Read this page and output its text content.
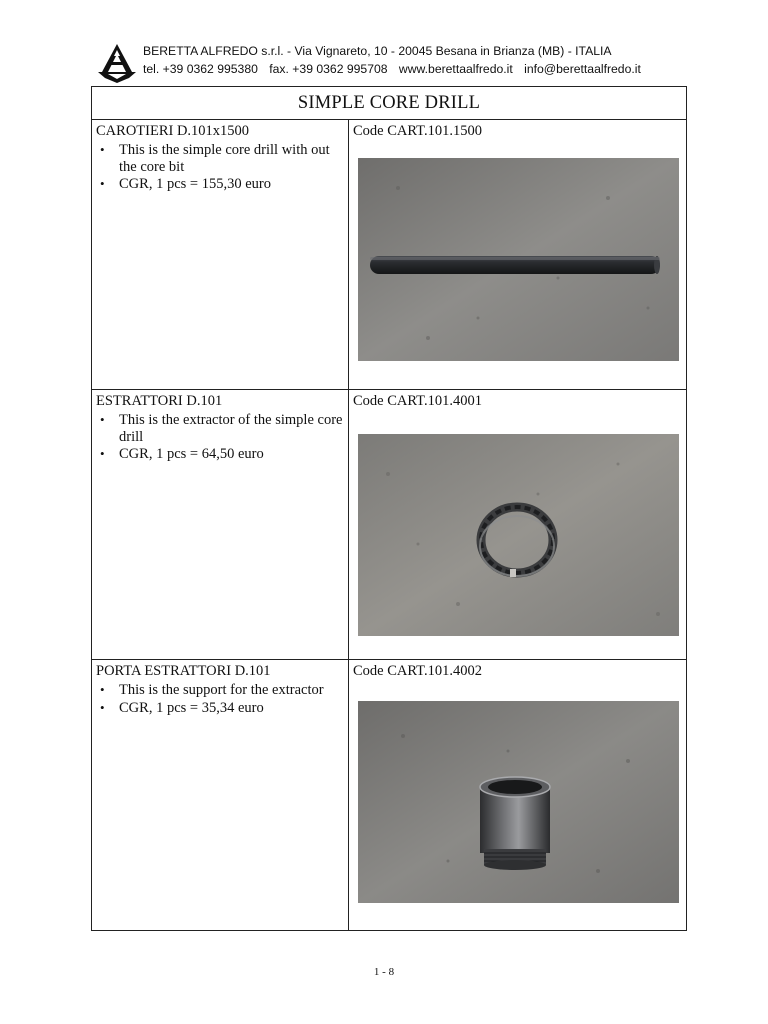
BERETTA ALFREDO s.r.l. - Via Vignareto, 10 - 20045 Besana in Brianza (MB) - ITALIA
tel. +39 0362 995380 fax. +39 0362 995708 www.berettaalfredo.it info@berettaalfredo.it
SIMPLE CORE DRILL
CAROTIERI D.101x1500
• This is the simple core drill with out the core bit
• CGR, 1 pcs = 155,30 euro
Code CART.101.1500
ESTRATTORI D.101
• This is the extractor of the simple core drill
• CGR, 1 pcs = 64,50 euro
Code CART.101.4001
PORTA ESTRATTORI D.101
• This is the support for the extractor
• CGR, 1 pcs = 35,34 euro
Code CART.101.4002
1 - 8
